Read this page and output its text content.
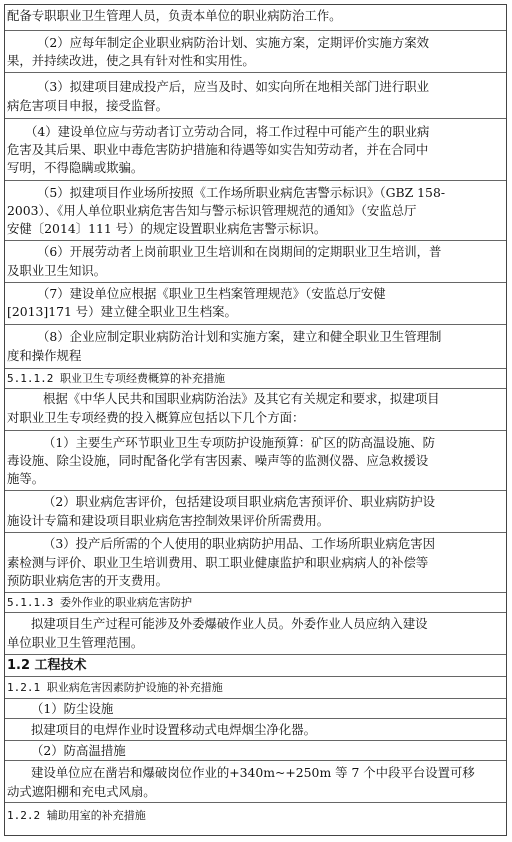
配备专职职业卫生管理人员，负责本单位的职业病防治工作。
（2）应每年制定企业职业病防治计划、实施方案，定期评价实施方案效
果，并持续改进，使之具有针对性和实用性。
（3）拟建项目建成投产后，应当及时、如实向所在地相关部门进行职业
病危害项目申报，接受监督。
（4）建设单位应与劳动者订立劳动合同，将工作过程中可能产生的职业病
危害及其后果、职业中毒危害防护措施和待遇等如实告知劳动者，并在合同中
写明，不得隐瞒或欺骗。
（5）拟建项目作业场所按照《工作场所职业病危害警示标识》（GBZ 158-
2003）、《用人单位职业病危害告知与警示标识管理规范的通知》（安监总厅
安健〔2014〕111 号）的规定设置职业病危害警示标识。
（6）开展劳动者上岗前职业卫生培训和在岗期间的定期职业卫生培训，普
及职业卫生知识。
（7）建设单位应根据《职业卫生档案管理规范》（安监总厅安健
[2013]171 号）建立健全职业卫生档案。
（8）企业应制定职业病防治计划和实施方案，建立和健全职业卫生管理制
度和操作规程
5.1.1.2 职业卫生专项经费概算的补充措施
根据《中华人民共和国职业病防治法》及其它有关规定和要求，拟建项目
对职业卫生专项经费的投入概算应包括以下几个方面：
（1）主要生产环节职业卫生专项防护设施预算：矿区的防高温设施、防
毒设施、除尘设施，同时配备化学有害因素、噪声等的监测仪器、应急救援设
施等。
（2）职业病危害评价，包括建设项目职业病危害预评价、职业病防护设
施设计专篇和建设项目职业病危害控制效果评价所需费用。
（3）投产后所需的个人使用的职业病防护用品、工作场所职业病危害因
素检测与评价、职业卫生培训费用、职工职业健康监护和职业病病人的补偿等
预防职业病危害的开支费用。
5.1.1.3 委外作业的职业病危害防护
拟建项目生产过程可能涉及外委爆破作业人员。外委作业人员应纳入建设
单位职业卫生管理范围。
1.2 工程技术
1.2.1 职业病危害因素防护设施的补充措施
（1）防尘设施
拟建项目的电焊作业时设置移动式电焊烟尘净化器。
（2）防高温措施
建设单位应在凿岩和爆破岗位作业的+340m~+250m 等 7 个中段平台设置可移
动式遮阳棚和充电式风扇。
1.2.2 辅助用室的补充措施
